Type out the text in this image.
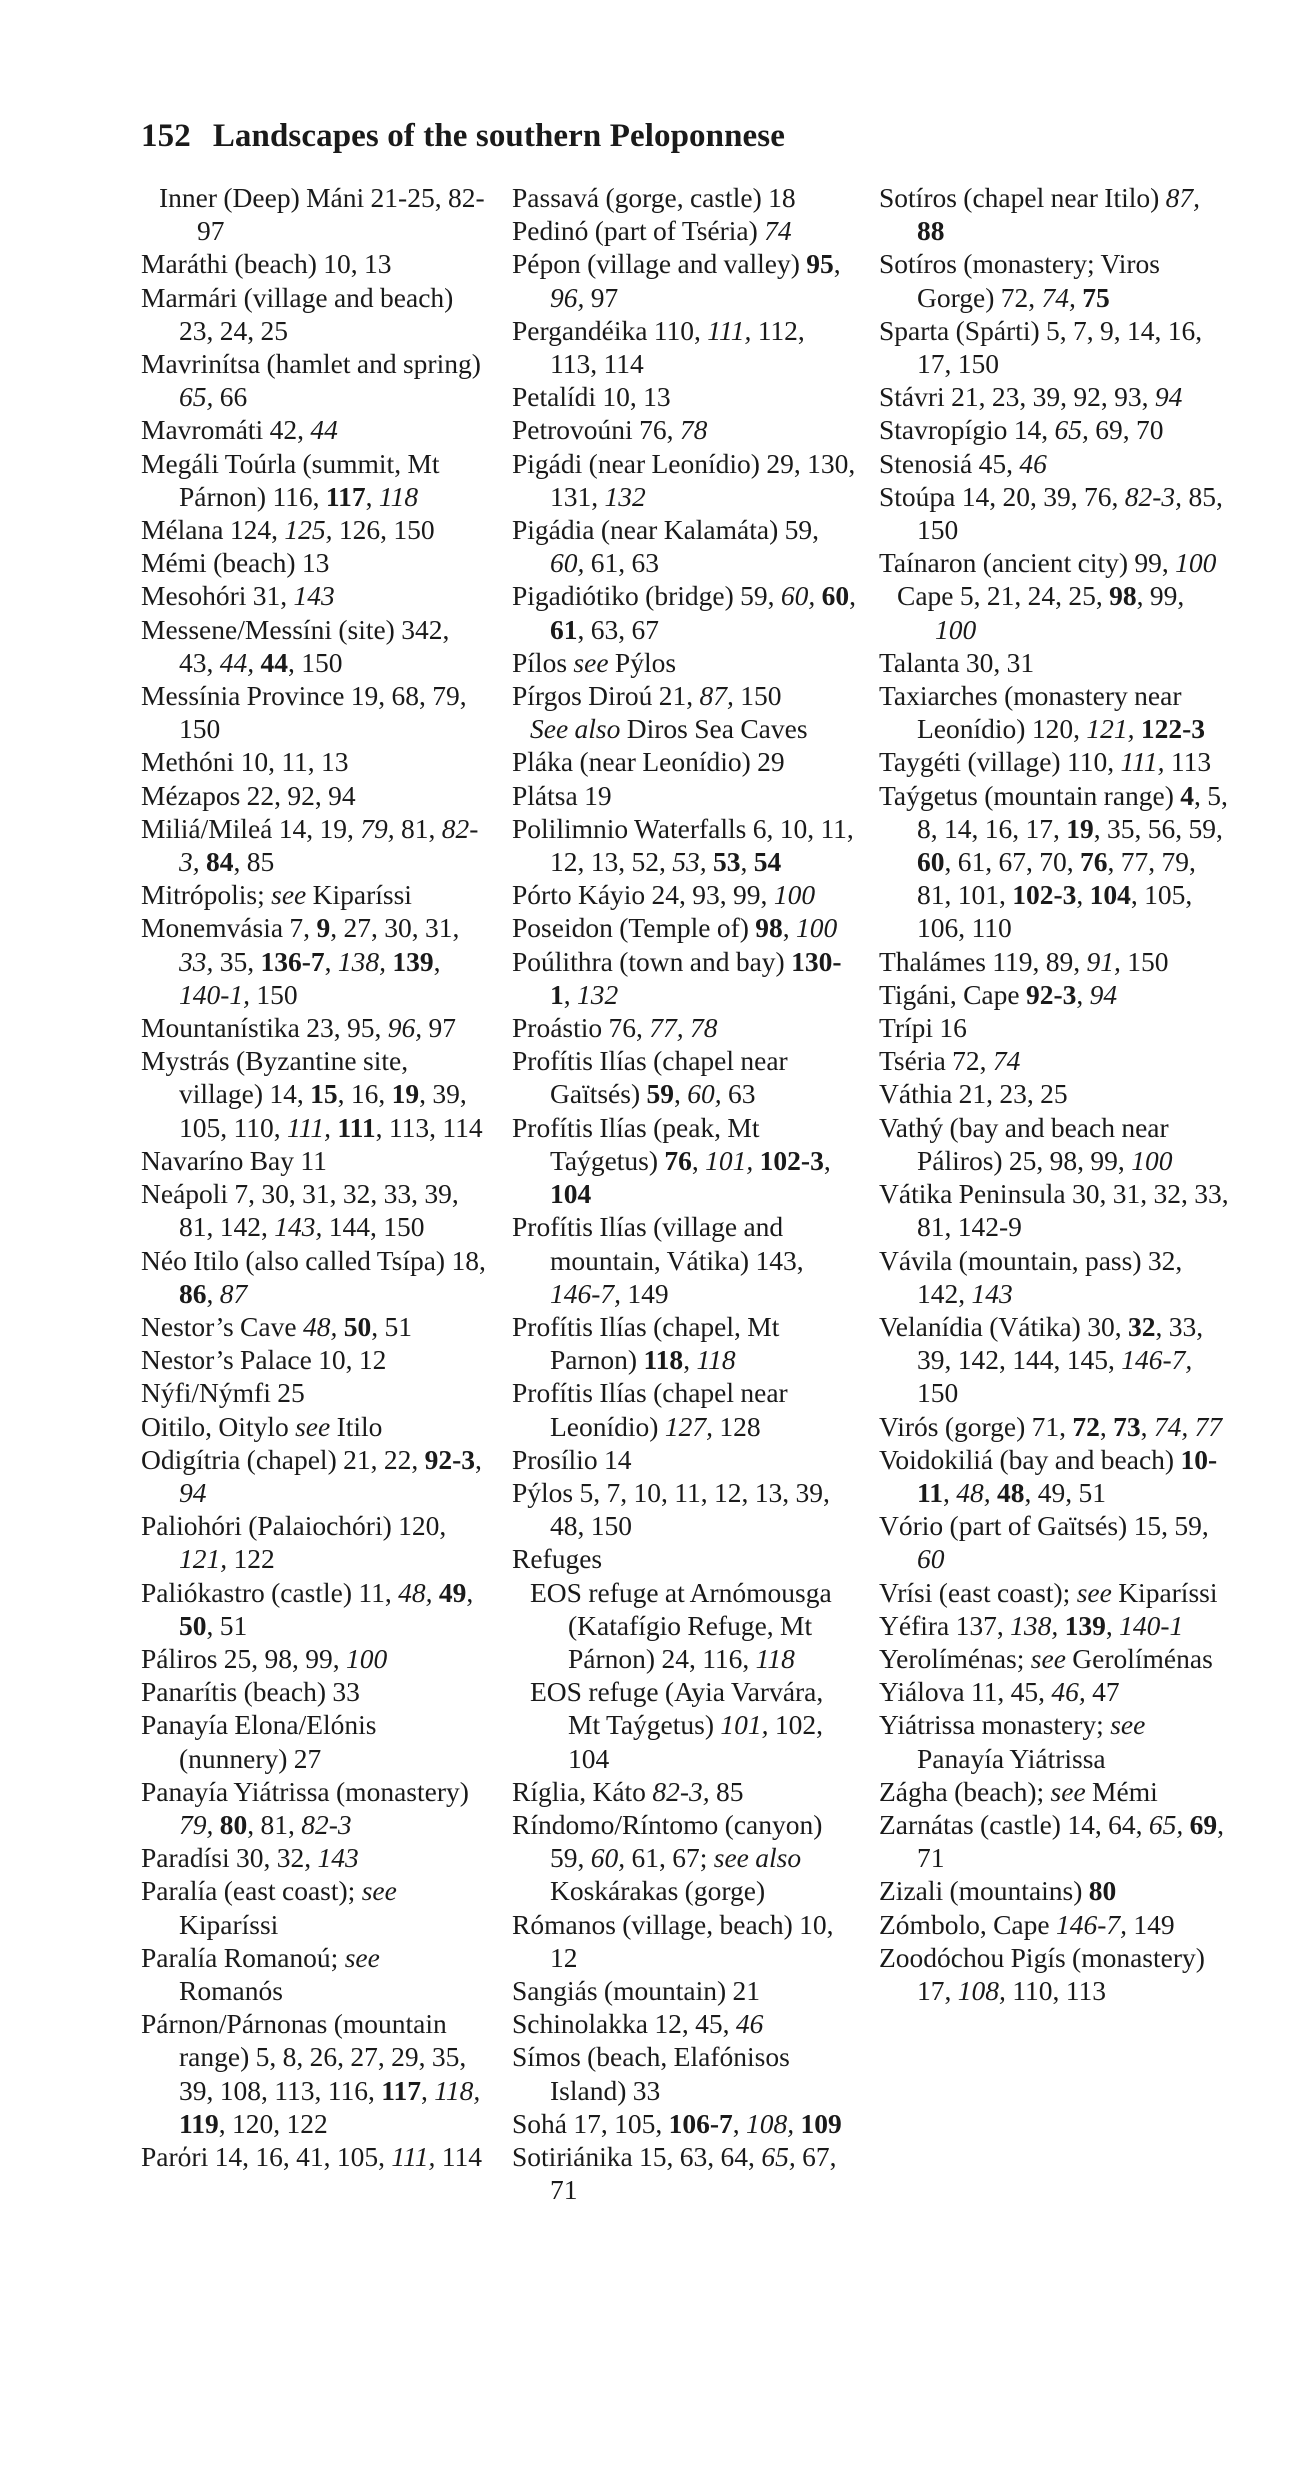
152 Landscapes of the southern Peloponnese
Inner (Deep) Máni 21-25, 82-97
Maráthi (beach) 10, 13
Marmári (village and beach) 23, 24, 25
Mavrinítsa (hamlet and spring) 65, 66
Mavromáti 42, 44
Megáli Toúrla (summit, Mt Párnon) 116, 117, 118
Mélana 124, 125, 126, 150
Mémi (beach) 13
Mesohóri 31, 143
Messene/Messíni (site) 342, 43, 44, 44, 150
Messínia Province 19, 68, 79, 150
Methóni 10, 11, 13
Mézapos 22, 92, 94
Miliá/Mileá 14, 19, 79, 81, 82-3, 84, 85
Mitrópolis; see Kiparíssi
Monemvásia 7, 9, 27, 30, 31, 33, 35, 136-7, 138, 139, 140-1, 150
Mountanístika 23, 95, 96, 97
Mystrás (Byzantine site, village) 14, 15, 16, 19, 39, 105, 110, 111, 111, 113, 114
Navaríno Bay 11
Neápoli 7, 30, 31, 32, 33, 39, 81, 142, 143, 144, 150
Néo Itilo (also called Tsípa) 18, 86, 87
Nestor’s Cave 48, 50, 51
Nestor’s Palace 10, 12
Nýfi/Nýmfi 25
Oitilo, Oitylo see Itilo
Odigítria (chapel) 21, 22, 92-3, 94
Paliohóri (Palaiochóri) 120, 121, 122
Paliókastro (castle) 11, 48, 49, 50, 51
Páliros 25, 98, 99, 100
Panarítis (beach) 33
Panayía Elona/Elónis (nunnery) 27
Panayía Yiátrissa (monastery) 79, 80, 81, 82-3
Paradísi 30, 32, 143
Paralía (east coast); see Kiparíssi
Paralía Romanoú; see Romanós
Párnon/Párnonas (mountain range) 5, 8, 26, 27, 29, 35, 39, 108, 113, 116, 117, 118, 119, 120, 122
Parόri 14, 16, 41, 105, 111, 114
Passavá (gorge, castle) 18
Pedinó (part of Tséria) 74
Pépon (village and valley) 95, 96, 97
Pergandéika 110, 111, 112, 113, 114
Petalídi 10, 13
Petrovoúni 76, 78
Pigádi (near Leonídio) 29, 130, 131, 132
Pigádia (near Kalamáta) 59, 60, 61, 63
Pigadiótiko (bridge) 59, 60, 60, 61, 63, 67
Pílos see Pýlos
Pírgos Diroú 21, 87, 150
See also Diros Sea Caves
Pláka (near Leonídio) 29
Plátsa 19
Polilimnio Waterfalls 6, 10, 11, 12, 13, 52, 53, 53, 54
Pórto Káyio 24, 93, 99, 100
Poseidon (Temple of) 98, 100
Poúlithra (town and bay) 130-1, 132
Proástio 76, 77, 78
Profítis Ilías (chapel near Gaïtsés) 59, 60, 63
Profítis Ilías (peak, Mt Taýgetus) 76, 101, 102-3, 104
Profítis Ilías (village and mountain, Vátika) 143, 146-7, 149
Profítis Ilías (chapel, Mt Parnon) 118, 118
Profítis Ilías (chapel near Leonídio) 127, 128
Prosílio 14
Pýlos 5, 7, 10, 11, 12, 13, 39, 48, 150
Refuges
EOS refuge at Arnómousga (Katafígio Refuge, Mt Párnon) 24, 116, 118
EOS refuge (Ayia Varvára, Mt Taýgetus) 101, 102, 104
Ríglia, Káto 82-3, 85
Ríndomo/Ríntomo (canyon) 59, 60, 61, 67; see also Koskárakas (gorge)
Rómanos (village, beach) 10, 12
Sangiás (mountain) 21
Schinolakka 12, 45, 46
Símos (beach, Elafónisos Island) 33
Sohá 17, 105, 106-7, 108, 109
Sotiriánika 15, 63, 64, 65, 67, 71
Sotíros (chapel near Itilo) 87, 88
Sotíros (monastery; Viros Gorge) 72, 74, 75
Sparta (Spárti) 5, 7, 9, 14, 16, 17, 150
Stávri 21, 23, 39, 92, 93, 94
Stavropígio 14, 65, 69, 70
Stenosiá 45, 46
Stoúpa 14, 20, 39, 76, 82-3, 85, 150
Taínaron (ancient city) 99, 100
Cape 5, 21, 24, 25, 98, 99, 100
Talanta 30, 31
Taxiarches (monastery near Leonídio) 120, 121, 122-3
Taygéti (village) 110, 111, 113
Taýgetus (mountain range) 4, 5, 8, 14, 16, 17, 19, 35, 56, 59, 60, 61, 67, 70, 76, 77, 79, 81, 101, 102-3, 104, 105, 106, 110
Thalámes 119, 89, 91, 150
Tigáni, Cape 92-3, 94
Trípi 16
Tséria 72, 74
Váthia 21, 23, 25
Vathý (bay and beach near Páliros) 25, 98, 99, 100
Vátika Peninsula 30, 31, 32, 33, 81, 142-9
Vávila (mountain, pass) 32, 142, 143
Velanídia (Vátika) 30, 32, 33, 39, 142, 144, 145, 146-7, 150
Virós (gorge) 71, 72, 73, 74, 77
Voidokiliá (bay and beach) 10-11, 48, 48, 49, 51
Vório (part of Gaïtsés) 15, 59, 60
Vrísi (east coast); see Kiparíssi
Yéfira 137, 138, 139, 140-1
Yerolíménas; see Gerolíménas
Yiálova 11, 45, 46, 47
Yiátrissa monastery; see Panayía Yiátrissa
Zágha (beach); see Mémi
Zarnátas (castle) 14, 64, 65, 69, 71
Zizali (mountains) 80
Zómbolo, Cape 146-7, 149
Zoodóchou Pigís (monastery) 17, 108, 110, 113
